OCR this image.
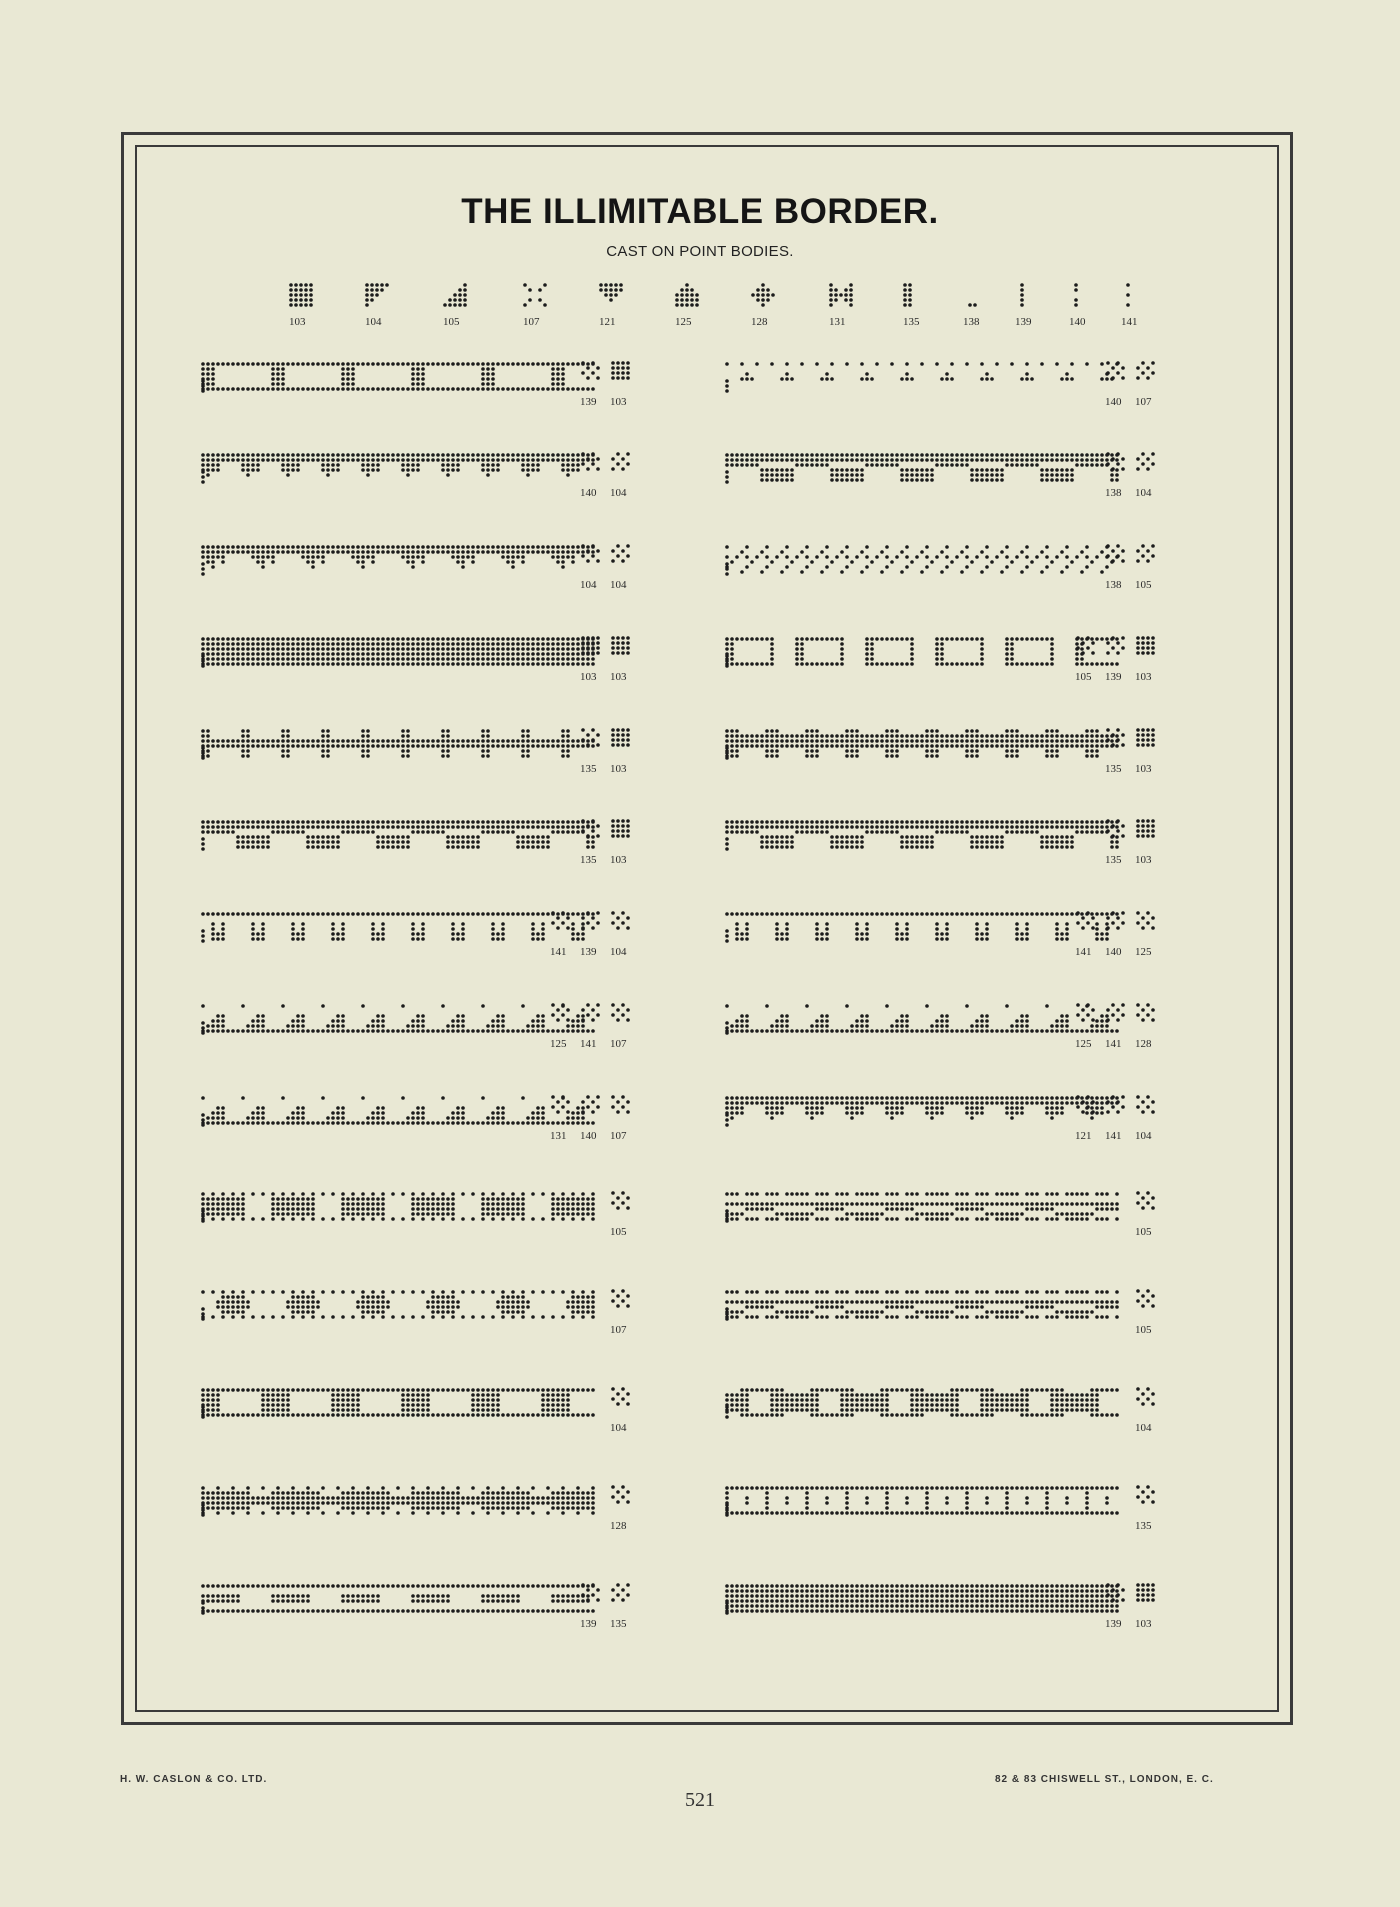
THE ILLIMITABLE BORDER.
CAST ON POINT BODIES.
H. W. CASLON & CO. LTD.	82 & 83 CHISWELL ST., LONDON, E. C.
521
103	104	105	107	121	125	128	131	135	138	139	140	141
139 103	140 107
140 104	138 104
104 104	138 105
103 103	105 139 103
135 103	135 103
135 103	135 103
141 139 104	141 140 125
125 141 107	125 141 128
131 140 107	121 141 104
105	105
107	105
104	104
128	135
139 135	139 103
